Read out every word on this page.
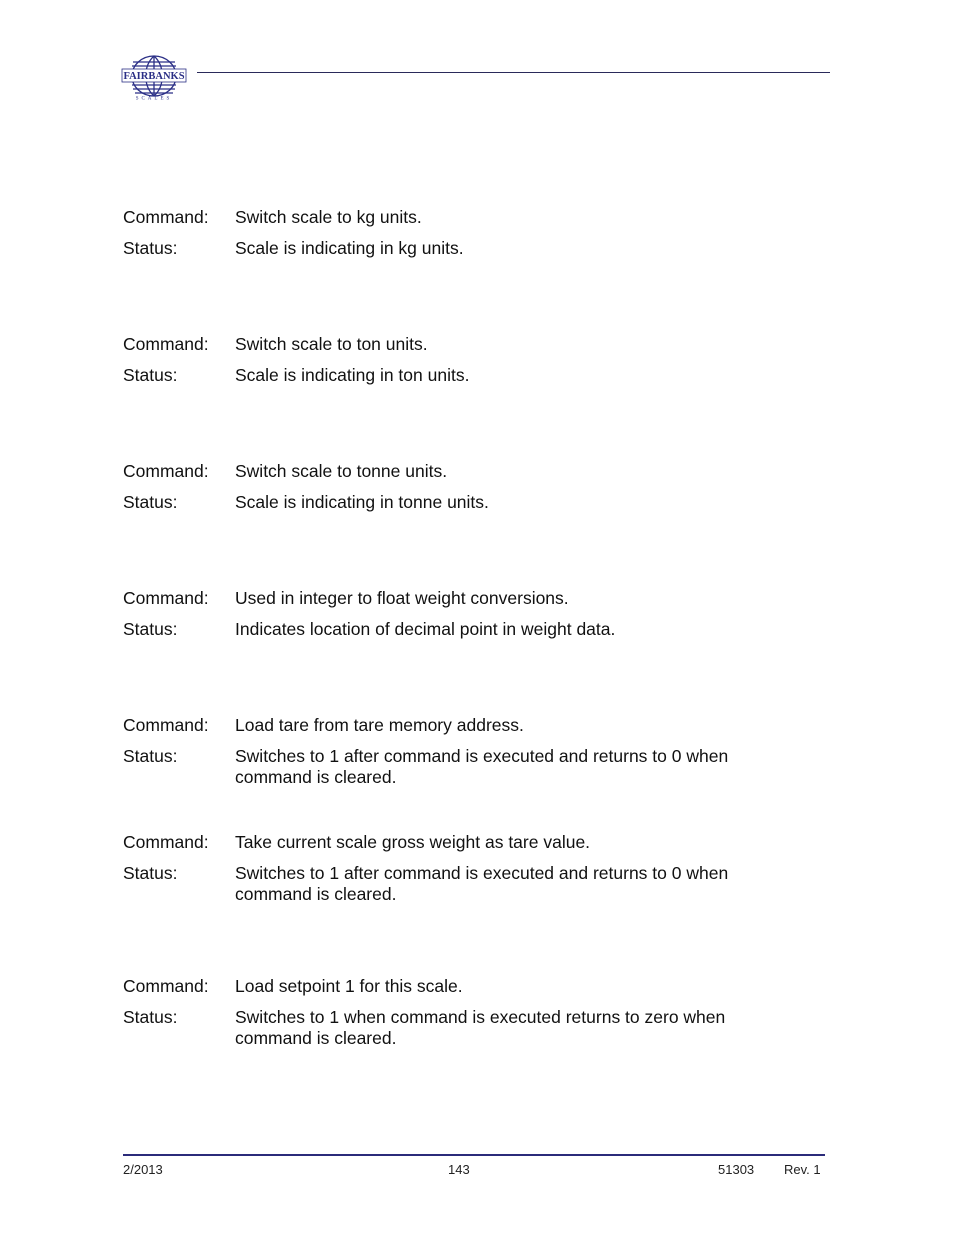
FAIRBANKS
SCALES
Command:	Switch scale to kg units.
Status:	Scale is indicating in kg units.
Command:	Switch scale to ton units.
Status:	Scale is indicating in ton units.
Command:	Switch scale to tonne units.
Status:	Scale is indicating in tonne units.
Command:	Used in integer to float weight conversions.
Status:	Indicates location of decimal point in weight data.
Command:	Load tare from tare memory address.
Status:	Switches to 1 after command is executed and returns to 0 when command is cleared.
Command:	Take current scale gross weight as tare value.
Status:	Switches to 1 after command is executed and returns to 0 when command is cleared.
Command:	Load setpoint 1 for this scale.
Status:	Switches to 1 when command is executed returns to zero when command is cleared.
2/2013	143	51303 Rev. 1
